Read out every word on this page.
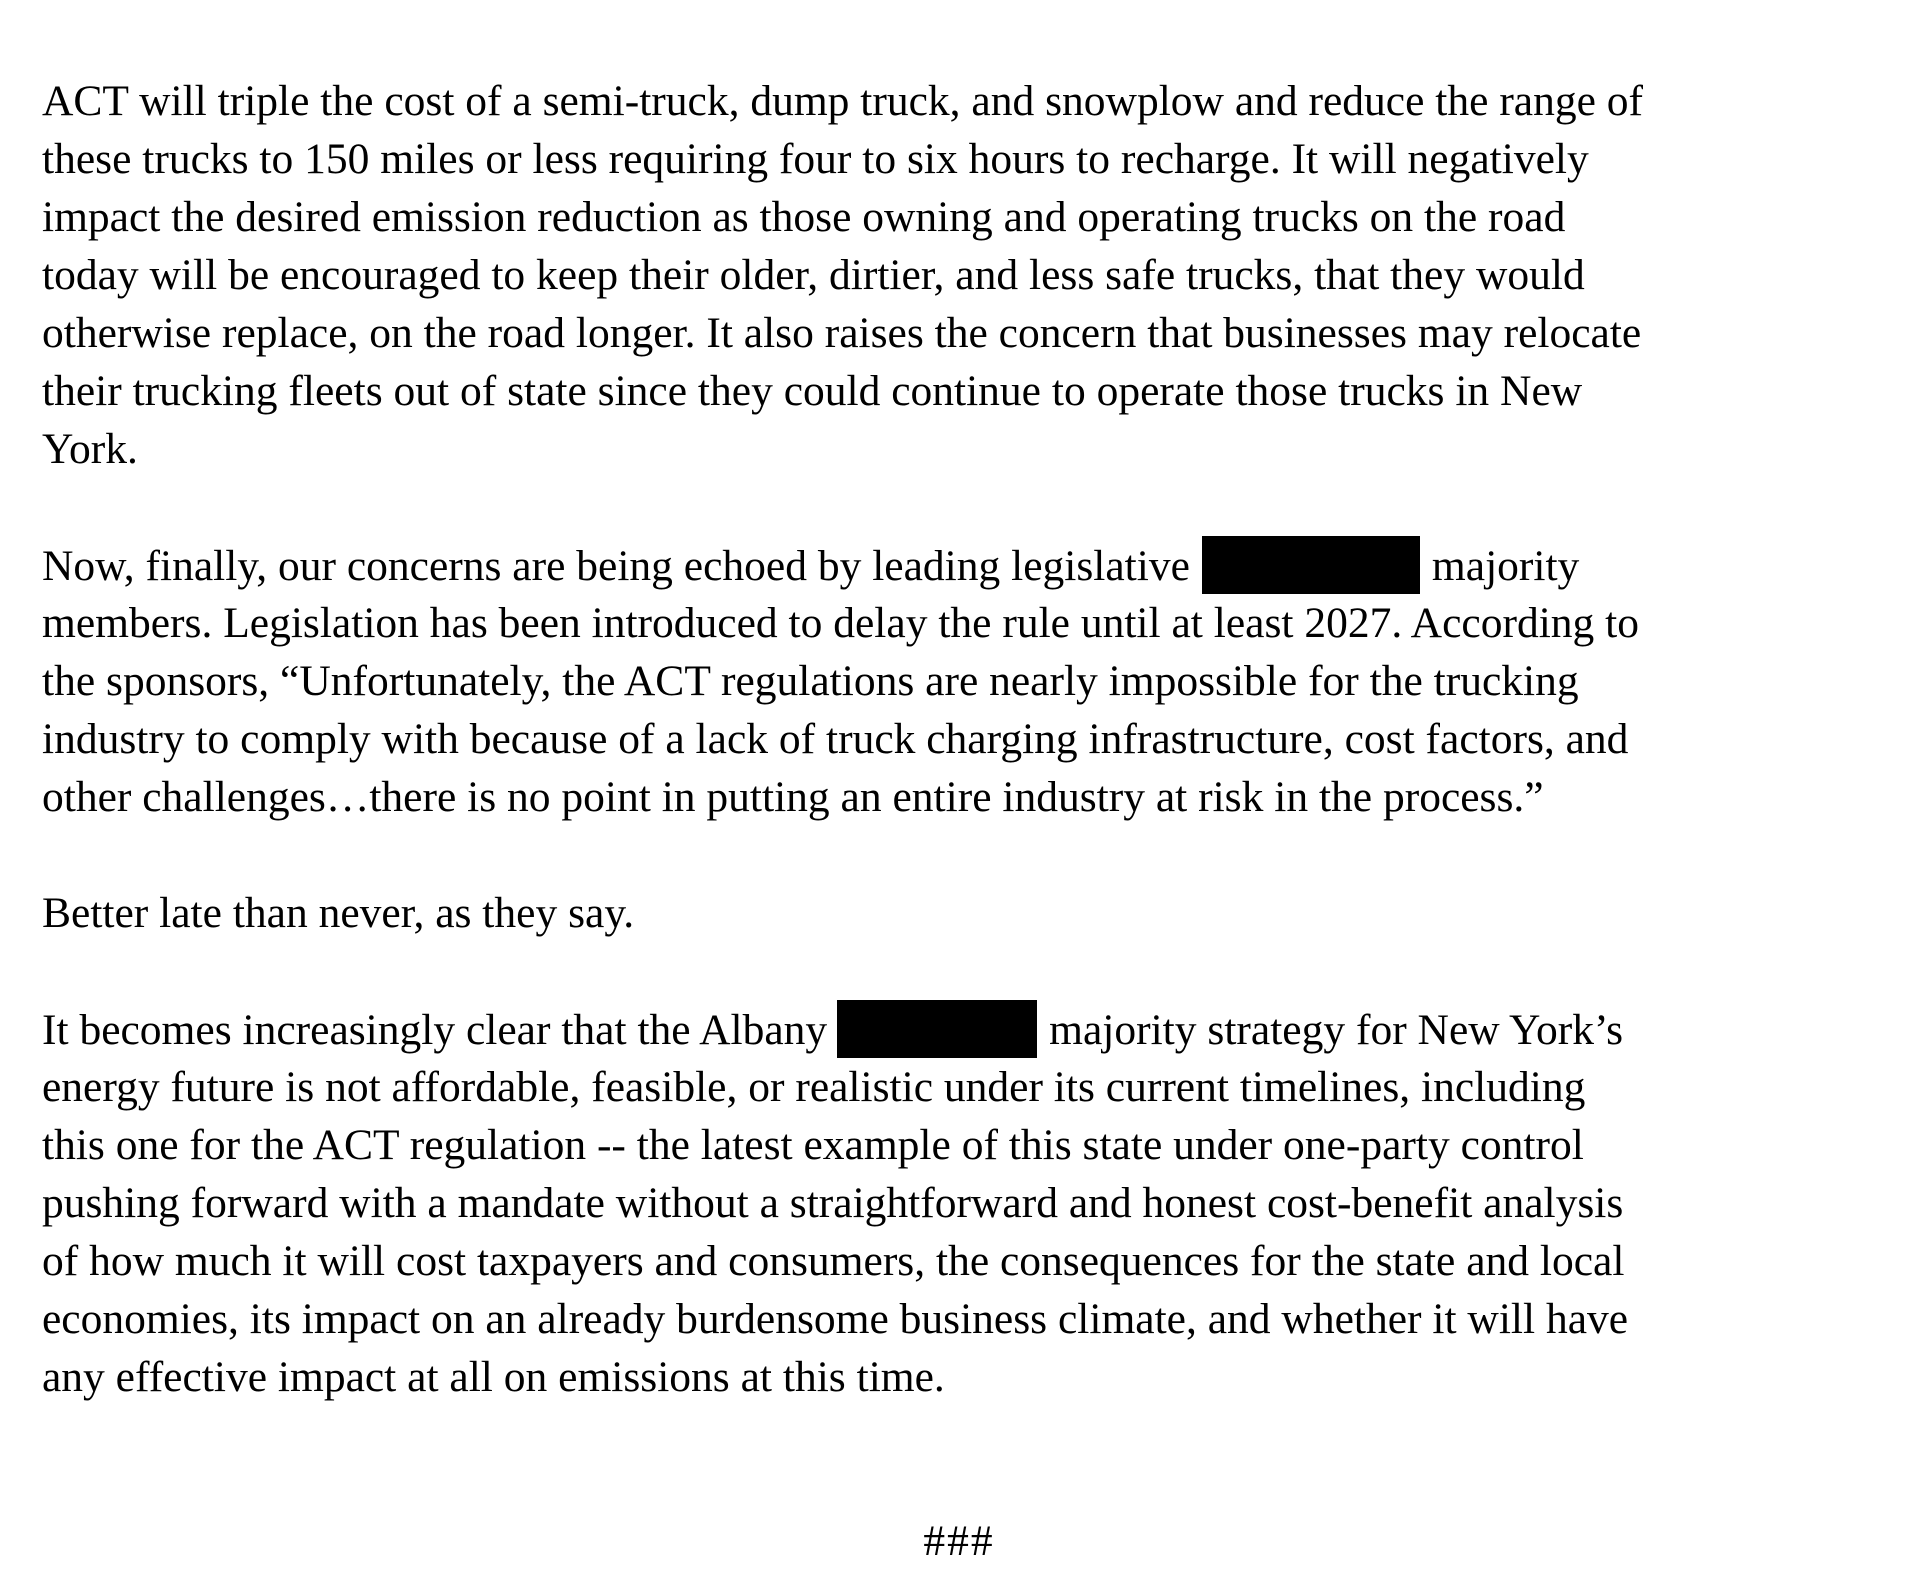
ACT will triple the cost of a semi-truck, dump truck, and snowplow and reduce the range of
these trucks to 150 miles or less requiring four to six hours to recharge. It will negatively
impact the desired emission reduction as those owning and operating trucks on the road
today will be encouraged to keep their older, dirtier, and less safe trucks, that they would
otherwise replace, on the road longer. It also raises the concern that businesses may relocate
their trucking fleets out of state since they could continue to operate those trucks in New
York.

Now, finally, our concerns are being echoed by leading legislative	majority
members. Legislation has been introduced to delay the rule until at least 2027. According to
the sponsors, “Unfortunately, the ACT regulations are nearly impossible for the trucking
industry to comply with because of a lack of truck charging infrastructure, cost factors, and
other challenges…there is no point in putting an entire industry at risk in the process.”

Better late than never, as they say.

It becomes increasingly clear that the Albany	majority strategy for New York’s
energy future is not affordable, feasible, or realistic under its current timelines, including
this one for the ACT regulation -- the latest example of this state under one-party control
pushing forward with a mandate without a straightforward and honest cost-benefit analysis
of how much it will cost taxpayers and consumers, the consequences for the state and local
economies, its impact on an already burdensome business climate, and whether it will have
any effective impact at all on emissions at this time.

###
